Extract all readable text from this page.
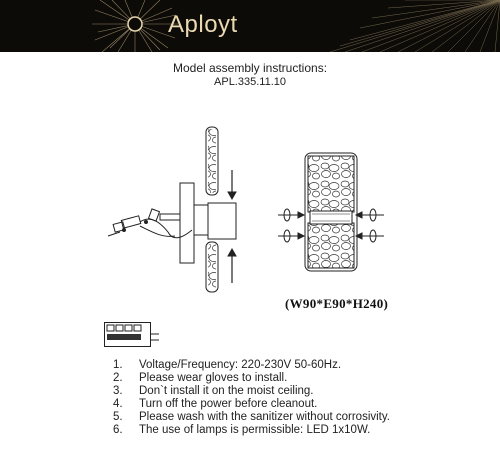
Aployt
Model assembly instructions:
APL.335.11.10
(W90*E90*H240)
1.	Voltage/Frequency: 220-230V 50-60Hz.
2.	Please wear gloves to install.
3.	Don`t install it on the moist ceiling.
4.	Turn off the power before cleanout.
5.	Please wash with the sanitizer without corrosivity.
6.	The use of lamps is permissible: LED 1x10W.
